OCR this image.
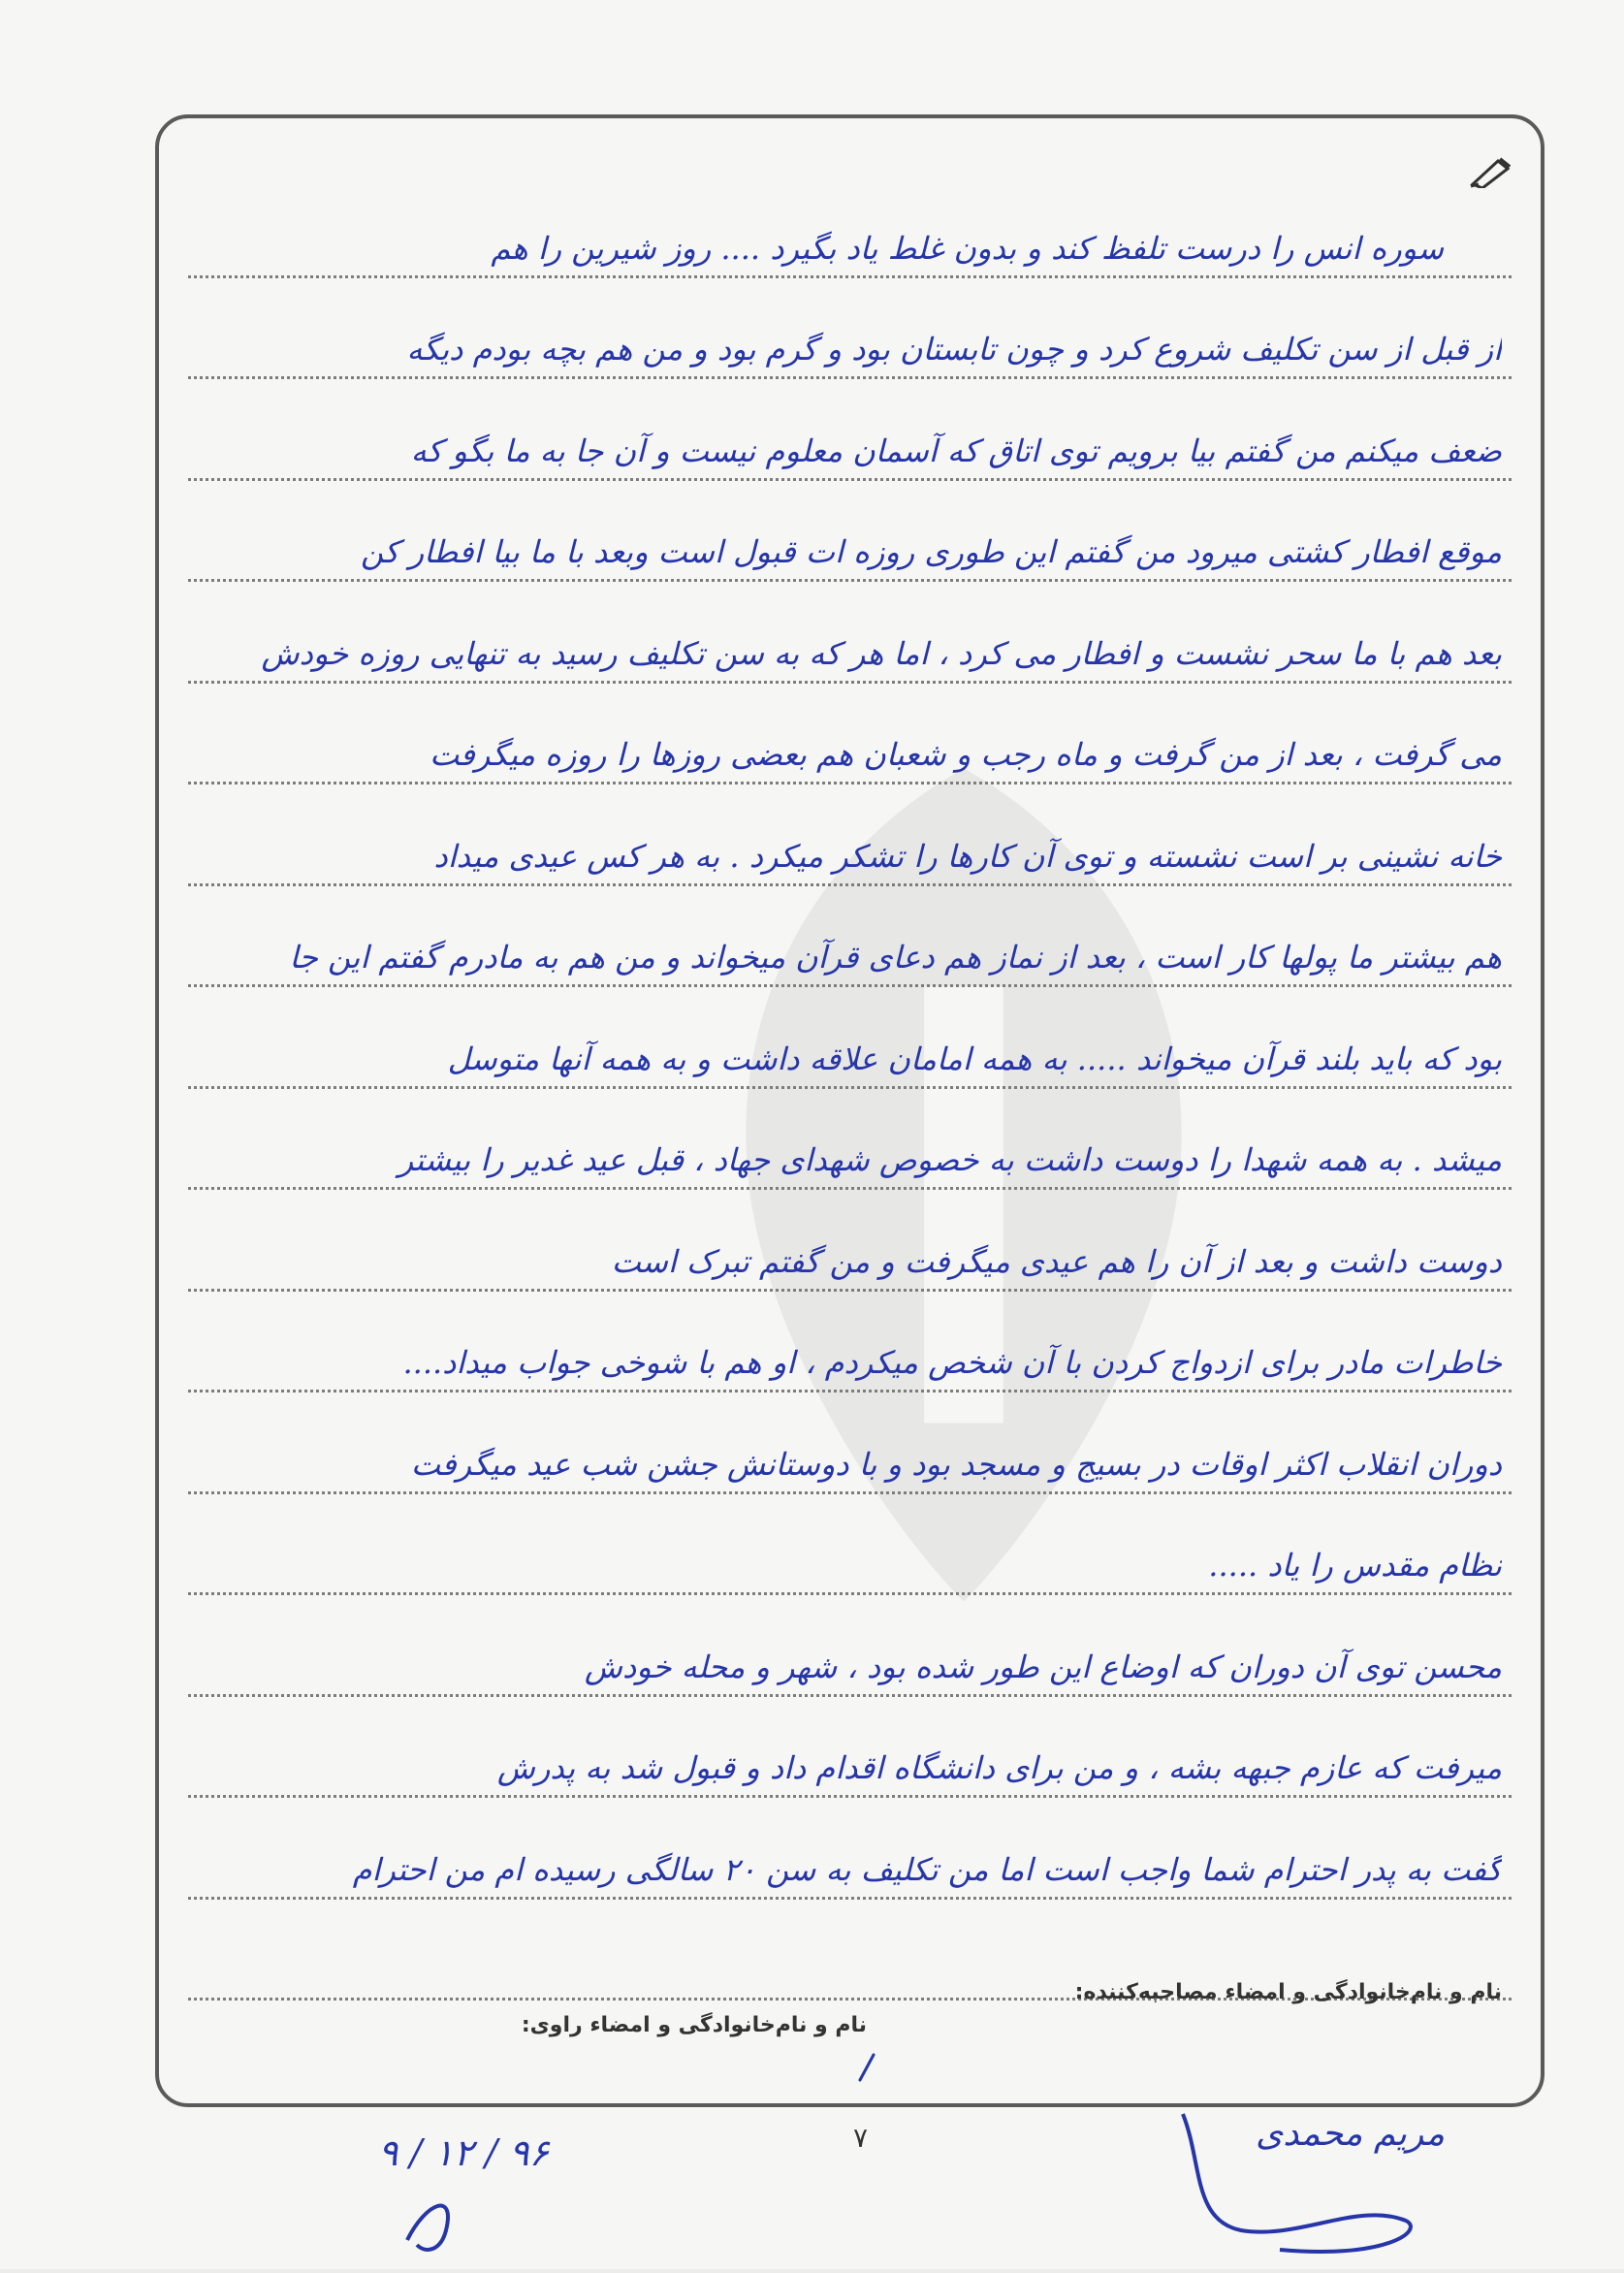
سوره انس را درست تلفظ کند و بدون غلط یاد بگیرد .... روز شیرین را هم
از قبل از سن تکلیف شروع کرد و چون تابستان بود و گرم بود و من هم بچه بودم دیگه
ضعف میکنم من گفتم بیا برویم توی اتاق که آسمان معلوم نیست و آن جا به ما بگو که
موقع افطار کشتی میرود من گفتم این طوری روزه ات قبول است وبعد با ما بیا افطار کن
بعد هم با ما سحر نشست و افطار می کرد ، اما هر که به سن تکلیف رسید به تنهایی روزه خودش
می گرفت ، بعد از من گرفت و ماه رجب و شعبان هم بعضی روزها را روزه میگرفت
خانه نشینی بر است نشسته و توی آن کارها را تشکر میکرد . به هر کس عیدی میداد
هم بیشتر ما پولها کار است ، بعد از نماز هم دعای قرآن میخواند و من هم به مادرم گفتم این جا
بود که باید بلند قرآن میخواند ..... به همه امامان علاقه داشت و به همه آنها متوسل
میشد . به همه شهدا را دوست داشت به خصوص شهدای جهاد ، قبل عید غدیر را بیشتر
دوست داشت و بعد از آن را هم عیدی میگرفت و من گفتم تبرک است
خاطرات مادر برای ازدواج کردن با آن شخص میکردم ، او هم با شوخی جواب میداد....
دوران انقلاب اکثر اوقات در بسیج و مسجد بود و با دوستانش جشن شب عید میگرفت
نظام مقدس را یاد .....
محسن توی آن دوران که اوضاع این طور شده بود ، شهر و محله خودش
میرفت که عازم جبهه بشه ، و من برای دانشگاه اقدام داد و قبول شد به پدرش
گفت به پدر احترام شما واجب است اما من تکلیف به سن ۲۰ سالگی رسیده ام من احترام
نام و نام‌خانوادگی و امضاء مصاحبه‌کننده:
نام و نام‌خانوادگی و امضاء راوی:
۷	مریم محمدی
۹ / ۱۲ / ۹۶
